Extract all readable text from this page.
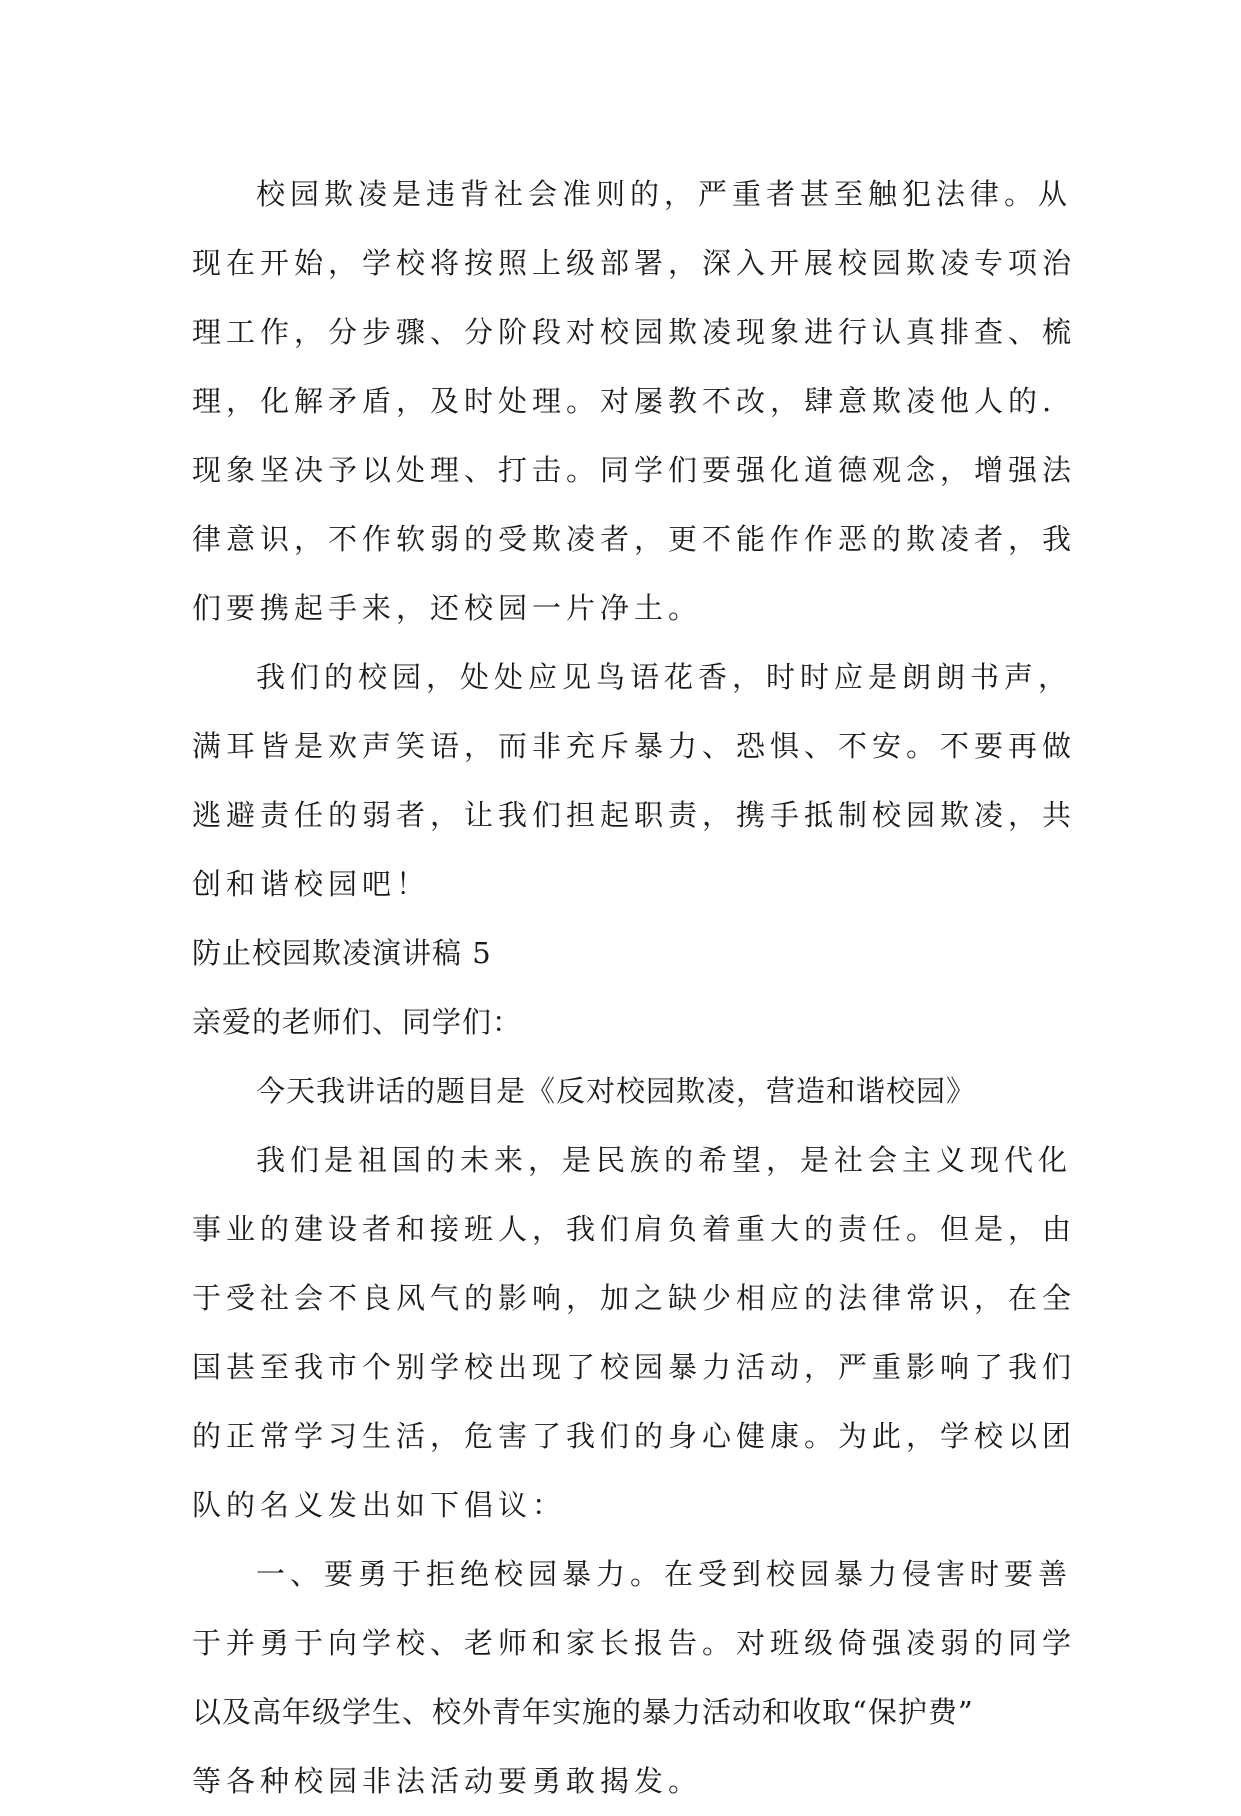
校园欺凌是违背社会准则的，严重者甚至触犯法律。从
现在开始，学校将按照上级部署，深入开展校园欺凌专项治
理工作，分步骤、分阶段对校园欺凌现象进行认真排查、梳
理，化解矛盾，及时处理。对屡教不改，肆意欺凌他人的.
现象坚决予以处理、打击。同学们要强化道德观念，增强法
律意识，不作软弱的受欺凌者，更不能作作恶的欺凌者，我
们要携起手来，还校园一片净土。
我们的校园，处处应见鸟语花香，时时应是朗朗书声，
满耳皆是欢声笑语，而非充斥暴力、恐惧、不安。不要再做
逃避责任的弱者，让我们担起职责，携手抵制校园欺凌，共
创和谐校园吧！
防止校园欺凌演讲稿 5
亲爱的老师们、同学们：
今天我讲话的题目是《反对校园欺凌，营造和谐校园》
我们是祖国的未来，是民族的希望，是社会主义现代化
事业的建设者和接班人，我们肩负着重大的责任。但是，由
于受社会不良风气的影响，加之缺少相应的法律常识，在全
国甚至我市个别学校出现了校园暴力活动，严重影响了我们
的正常学习生活，危害了我们的身心健康。为此，学校以团
队的名义发出如下倡议：
一、要勇于拒绝校园暴力。在受到校园暴力侵害时要善
于并勇于向学校、老师和家长报告。对班级倚强凌弱的同学
以及高年级学生、校外青年实施的暴力活动和收取“保护费”
等各种校园非法活动要勇敢揭发。
